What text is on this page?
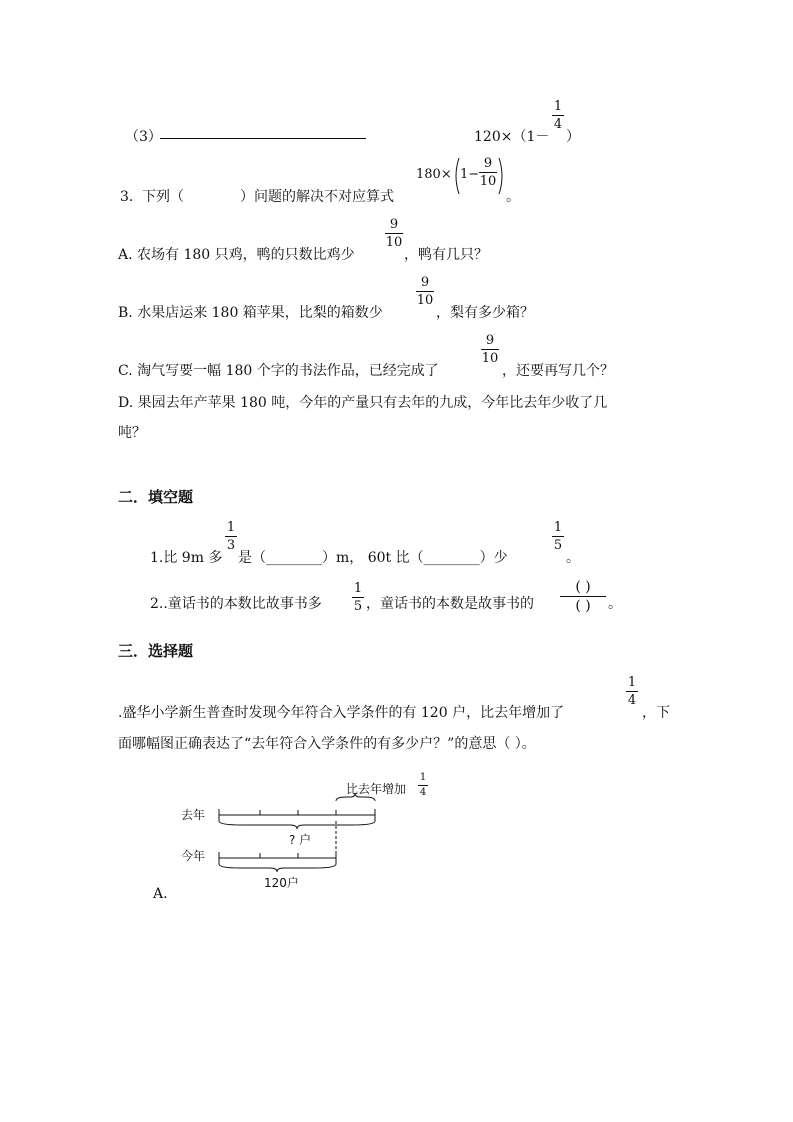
（3）	120×（1－
1
4
）
3． 下列（	）问题的解决不对应算式
180× 1−
9
10
。
A. 农场有 180 只鸡，鸭的只数比鸡少
9
10
，鸭有几只？
B. 水果店运来 180 箱苹果，比梨的箱数少
9
10
，梨有多少箱？
C. 淘气写要一幅 180 个字的书法作品，已经完成了
9
10
，还要再写几个？
D. 果园去年产苹果 180 吨，今年的产量只有去年的九成，今年比去年少收了几
吨？
二．填空题
1.比 9m 多
1
3
是（________）m， 60t 比（________）少
1
5
。
2..童话书的本数比故事书多
1
5 ，童话书的本数是故事书的
( )
( )	。
三．选择题
.盛华小学新生普查时发现今年符合入学条件的有 120 户，比去年增加了
1
4
，下
面哪幅图正确表达了“去年符合入学条件的有多少户？”的意思（ ）。
去年
今年
比去年增加
1
4
? 户
120户
A.
